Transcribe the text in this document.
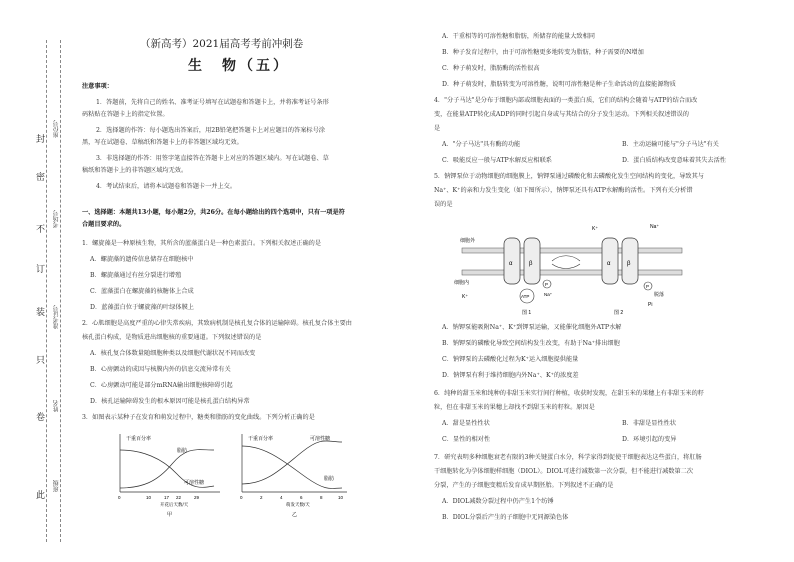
此
卷
只
装
订
不
密
封
班级
姓名
准考证号
考场号
座位号
（新高考）2021届高考考前冲刺卷
生　物（五）
注意事项：
1．答题前，先将自己的姓名、准考证号填写在试题卷和答题卡上，并将准考证号条形
码粘贴在答题卡上的指定位置。
2．选择题的作答：每小题选出答案后，用2B铅笔把答题卡上对应题目的答案标号涂
黑，写在试题卷、草稿纸和答题卡上的非答题区域均无效。
3．非选择题的作答：用签字笔直接答在答题卡上对应的答题区域内。写在试题卷、草
稿纸和答题卡上的非答题区域均无效。
4．考试结束后，请将本试题卷和答题卡一并上交。
一、选择题：本题共13小题，每小题2分，共26分。在每小题给出的四个选项中，只有一项是符
合题目要求的。
1．螺旋藻是一种原核生物，其所含的蓝藻蛋白是一种色素蛋白。下列相关叙述正确的是
A．螺旋藻的遗传信息储存在细胞核中
B．螺旋藻通过有丝分裂进行增殖
C．蓝藻蛋白在螺旋藻的核糖体上合成
D．蓝藻蛋白位于螺旋藻的叶绿体膜上
2．心肌细胞是高度严重的心律失常疾病，其致病机制是核孔复合体的运输障碍。核孔复合体主要由
核孔蛋白构成，是物质进出细胞核的重要通道。下列叙述错误的是
A．核孔复合体数量随细胞种类以及细胞代谢状况不同而改变
B．心房颤动的成因与核膜内外的信息交流异常有关
C．心房颤动可能是部分mRNA输出细胞核障碍引起
D．核孔运输障碍发生的根本原因可能是核孔蛋白结构异常
3．如图表示某种子在发育和萌发过程中，糖类和脂肪的变化曲线。下列分析正确的是
干重百分率
脂肪
可溶性糖
0	10	17 22	29
开花后天数/天
甲
干重百分率	可溶性糖
脂肪
0	2	4	6	8	10
萌发天数/天
乙
A．干重相等的可溶性糖和脂肪，所储存的能量大致相同
B．种子发育过程中，由于可溶性糖更多地转变为脂肪，种子需要的N增加
C．种子萌发时，脂肪酶的活性很高
D．种子萌发时，脂肪转变为可溶性糖，说明可溶性糖是种子生命活动的直接能源物质
4．"分子马达"是分布于细胞内部或细胞表面的一类蛋白质，它们的结构会随着与ATP的结合而改
变，在能量ATP转化成ADP的同时引起自身或与其结合的分子发生运动。下列相关叙述错误的
是
A．"分子马达"具有酶的功能	B．主动运输可能与"分子马达"有关
C．吸能反应一般与ATP水解反应相联系	D．蛋白质结构改变意味着其失去活性
5．钠钾泵位于动物细胞的细胞膜上，钠钾泵通过磷酸化和去磷酸化发生空间结构的变化，导致其与
Na⁺、K⁺的亲和力发生变化（如下图所示），钠钾泵还具有ATP水解酶的活性。下列有关分析错
误的是
α	β
ATP
P
细胞外
细胞内
Na⁺
K⁺
图 1
α	β
K⁺	Na⁺
P
脱落
Pi
图 2
A．钠钾泵能吸附Na⁺、K⁺到钾泵运输，又能催化细胞外ATP水解
B．钠钾泵的磷酸化导致空间结构发生改变，有助于Na⁺排出细胞
C．钠钾泵的去磷酸化过程为K⁺运入细胞提供能量
D．钠钾泵有利于维持细胞内外Na⁺、K⁺的浓度差
6．纯种的甜玉米和纯种的非甜玉米实行间行种植，收获时发现，在甜玉米的果穗上有非甜玉米的籽
粒，但在非甜玉米的果穗上却找不到甜玉米的籽粒。原因是
A．甜是显性性状	B．非甜是显性性状
C．显性的相对性	D．环境引起的变异
7．研究表明多种细胞衰老有限的3种关键蛋白水分，科学家得到促使干细胞表达这些蛋白，将肛肠
干细胞转化为孕体细胞样细胞（DIOL）。DIOL可进行减数第一次分裂，但不能进行减数第二次
分裂，产生的子细胞变精后发育成早期胚胎。下列叙述不正确的是
A．DIOL减数分裂过程中仍产生1个纺锤
B．DIOL分裂后产生的子细胞中无同源染色体
